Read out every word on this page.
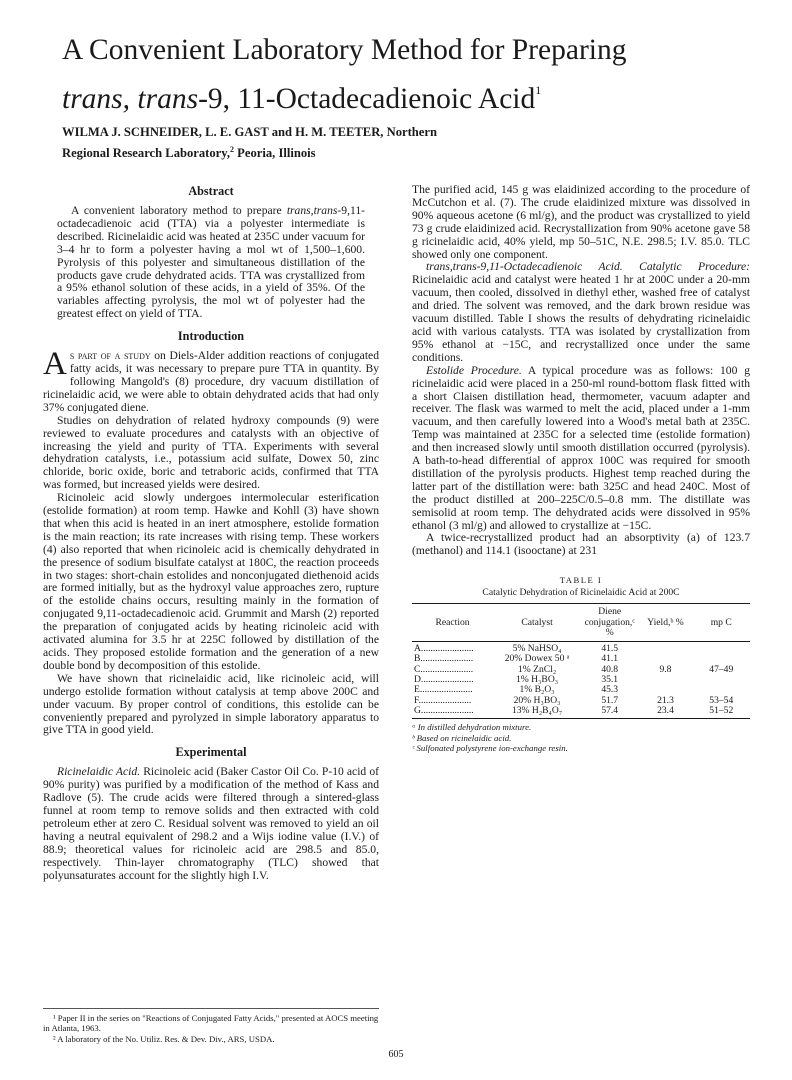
A Convenient Laboratory Method for Preparing
trans, trans-9, 11-Octadecadienoic Acid$^1$
WILMA J. SCHNEIDER, L. E. GAST and H. M. TEETER, Northern
Regional Research Laboratory,$^2$ Peoria, Illinois
Abstract

A convenient laboratory method to prepare trans,trans-9,11-octadecadienoic acid (TTA) via a polyester intermediate is described. Ricinelaidic acid was heated at 235C under vacuum for 3–4 hr to form a polyester having a mol wt of 1,500–1,600. Pyrolysis of this polyester and simultaneous distillation of the products gave crude dehydrated acids. TTA was crystallized from a 95% ethanol solution of these acids, in a yield of 35%. Of the variables affecting pyrolysis, the mol wt of polyester had the greatest effect on yield of TTA.

Introduction

As part of a study on Diels-Alder addition reactions of conjugated fatty acids, it was necessary to prepare pure TTA in quantity. By following Mangold's (8) procedure, dry vacuum distillation of ricinelaidic acid, we were able to obtain dehydrated acids that had only 37% conjugated diene.

Studies on dehydration of related hydroxy compounds (9) were reviewed to evaluate procedures and catalysts with an objective of increasing the yield and purity of TTA. Experiments with several dehydration catalysts, i.e., potassium acid sulfate, Dowex 50, zinc chloride, boric oxide, boric and tetraboric acids, confirmed that TTA was formed, but increased yields were desired.

Ricinoleic acid slowly undergoes intermolecular esterification (estolide formation) at room temp. Hawke and Kohll (3) have shown that when this acid is heated in an inert atmosphere, estolide formation is the main reaction; its rate increases with rising temp. These workers (4) also reported that when ricinoleic acid is chemically dehydrated in the presence of sodium bisulfate catalyst at 180C, the reaction proceeds in two stages: short-chain estolides and nonconjugated diethenoid acids are formed initially, but as the hydroxyl value approaches zero, rupture of the estolide chains occurs, resulting mainly in the formation of conjugated 9,11-octadecadienoic acid. Grummit and Marsh (2) reported the preparation of conjugated acids by heating ricinoleic acid with activated alumina for 3.5 hr at 225C followed by distillation of the acids. They proposed estolide formation and the generation of a new double bond by decomposition of this estolide.

We have shown that ricinelaidic acid, like ricinoleic acid, will undergo estolide formation without catalysis at temp above 200C and under vacuum. By proper control of conditions, this estolide can be conveniently prepared and pyrolyzed in simple laboratory apparatus to give TTA in good yield.

Experimental

Ricinelaidic Acid. Ricinoleic acid (Baker Castor Oil Co. P-10 acid of 90% purity) was purified by a modification of the method of Kass and Radlove (5). The crude acids were filtered through a sintered-glass funnel at room temp to remove solids and then extracted with cold petroleum ether at zero C. Residual solvent was removed to yield an oil having a neutral equivalent of 298.2 and a Wijs iodine value (I.V.) of 88.9; theoretical values for ricinoleic acid are 298.5 and 85.0, respectively. Thin-layer chromatography (TLC) showed that polyunsaturates account for the slightly high I.V.

The purified acid, 145 g was elaidinized according to the procedure of McCutchon et al. (7). The crude elaidinized mixture was dissolved in 90% aqueous acetone (6 ml/g), and the product was crystallized to yield 73 g crude elaidinized acid. Recrystallization from 90% acetone gave 58 g ricinelaidic acid, 40% yield, mp 50–51C, N.E. 298.5; I.V. 85.0. TLC showed only one component.

trans,trans-9,11-Octadecadienoic Acid. Catalytic Procedure: Ricinelaidic acid and catalyst were heated 1 hr at 200C under a 20-mm vacuum, then cooled, dissolved in diethyl ether, washed free of catalyst and dried. The solvent was removed, and the dark brown residue was vacuum distilled. Table I shows the results of dehydrating ricinelaidic acid with various catalysts. TTA was isolated by crystallization from 95% ethanol at −15C, and recrystallized once under the same conditions.

Estolide Procedure. A typical procedure was as follows: 100 g ricinelaidic acid were placed in a 250-ml round-bottom flask fitted with a short Claisen distillation head, thermometer, vacuum adapter and receiver. The flask was warmed to melt the acid, placed under a 1-mm vacuum, and then carefully lowered into a Wood's metal bath at 235C. Temp was maintained at 235C for a selected time (estolide formation) and then increased slowly until smooth distillation occurred (pyrolysis). A bath-to-head differential of approx 100C was required for smooth distillation of the pyrolysis products. Highest temp reached during the latter part of the distillation were: bath 325C and head 240C. Most of the product distilled at 200–225C/0.5–0.8 mm. The distillate was semisolid at room temp. The dehydrated acids were dissolved in 95% ethanol (3 ml/g) and allowed to crystallize at −15C.

A twice-recrystallized product had an absorptivity (a) of 123.7 (methanol) and 114.1 (isooctane) at 231

TABLE I
Catalytic Dehydration of Ricinelaidic Acid at 200C
Reaction	Catalyst	Diene conjugation,ᶜ %	Yield,ᵇ %	mp C
A......................	5% NaHSO₄	41.5		
B......................	20% Dowex 50 ᵃ	41.1		
C......................	1% ZnCl₂	40.8	9.8	47–49
D......................	1% H₃BO₃	35.1		
E......................	1% B₂O₃	45.3		
F......................	20% H₃BO₃	51.7	21.3	53–54
G......................	13% H₂B₄O₇	57.4	23.4	51–52
ᵃ In distilled dehydration mixture.
ᵇ Based on ricinelaidic acid.
ᶜ Sulfonated polystyrene ion-exchange resin.

¹ Paper II in the series on "Reactions of Conjugated Fatty Acids," presented at AOCS meeting in Atlanta, 1963.

² A laboratory of the No. Utiliz. Res. & Dev. Div., ARS, USDA.

605
